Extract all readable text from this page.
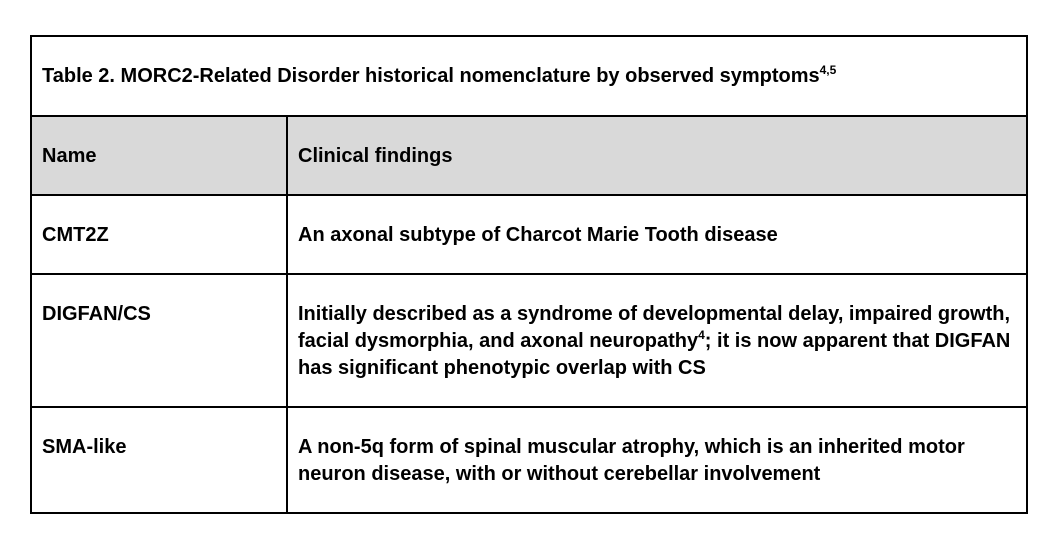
Table 2. MORC2-Related Disorder historical nomenclature by observed symptoms$^{4,5}$
Name	Clinical findings
CMT2Z	An axonal subtype of Charcot Marie Tooth disease
DIGFAN/CS	Initially described as a syndrome of developmental delay, impaired growth, facial dysmorphia, and axonal neuropathy$^4$; it is now apparent that DIGFAN has significant phenotypic overlap with CS
SMA-like	A non-5q form of spinal muscular atrophy, which is an inherited motor neuron disease, with or without cerebellar involvement
